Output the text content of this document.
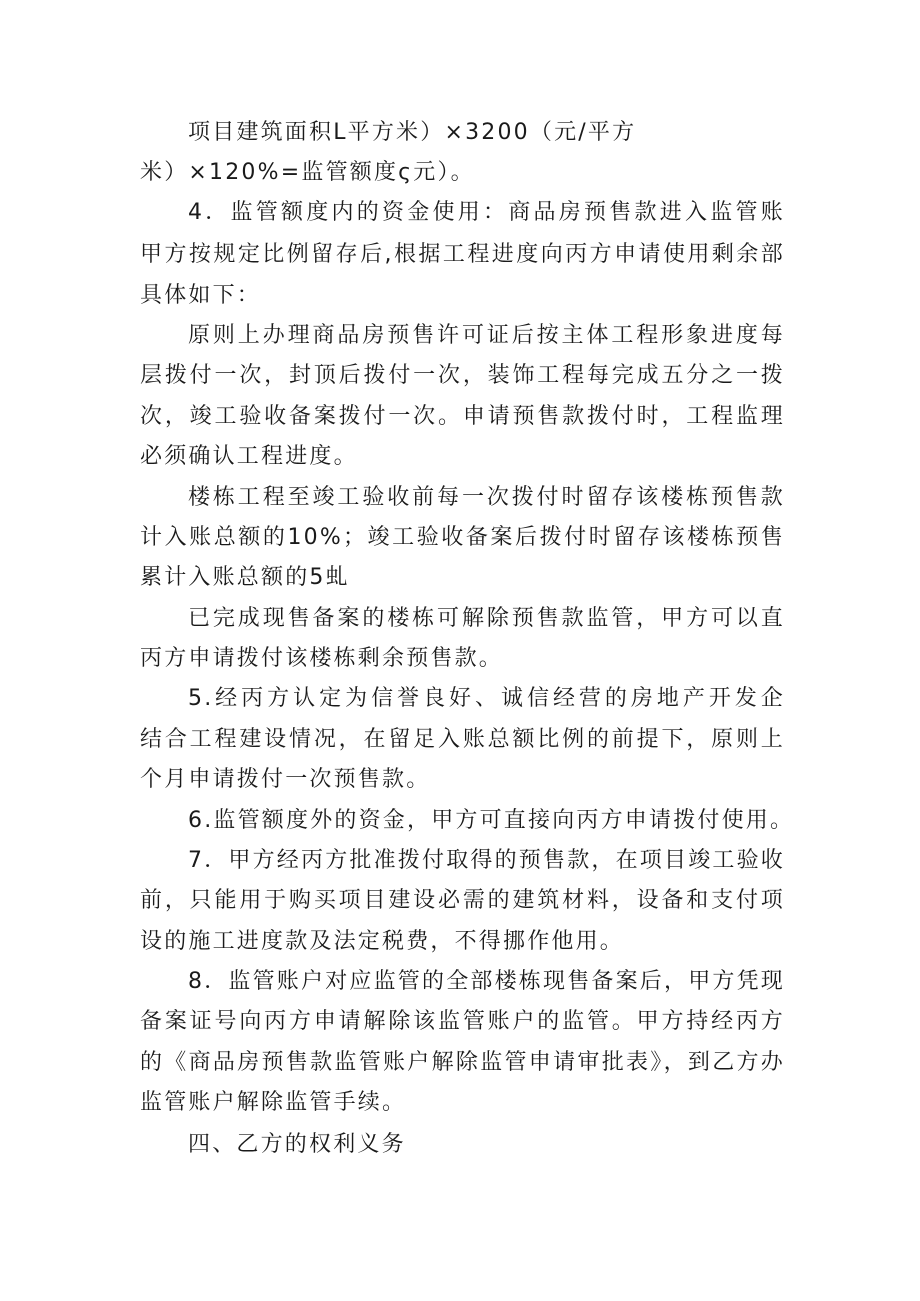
项目建筑面积L平方米）×3200（元/平方
米）×120%=监管额度ς元）。
4．监管额度内的资金使用：商品房预售款进入监管账
甲方按规定比例留存后,根据工程进度向丙方申请使用剩余部
具体如下：
原则上办理商品房预售许可证后按主体工程形象进度每
层拨付一次，封顶后拨付一次，装饰工程每完成五分之一拨
次，竣工验收备案拨付一次。申请预售款拨付时，工程监理
必须确认工程进度。
楼栋工程至竣工验收前每一次拨付时留存该楼栋预售款
计入账总额的10%；竣工验收备案后拨付时留存该楼栋预售
累计入账总额的5虬
已完成现售备案的楼栋可解除预售款监管，甲方可以直
丙方申请拨付该楼栋剩余预售款。
5.经丙方认定为信誉良好、诚信经营的房地产开发企
结合工程建设情况，在留足入账总额比例的前提下，原则上
个月申请拨付一次预售款。
6.监管额度外的资金，甲方可直接向丙方申请拨付使用。
7．甲方经丙方批准拨付取得的预售款，在项目竣工验收
前，只能用于购买项目建设必需的建筑材料，设备和支付项
设的施工进度款及法定税费，不得挪作他用。
8．监管账户对应监管的全部楼栋现售备案后，甲方凭现
备案证号向丙方申请解除该监管账户的监管。甲方持经丙方
的《商品房预售款监管账户解除监管申请审批表》，到乙方办
监管账户解除监管手续。
四、乙方的权利义务
